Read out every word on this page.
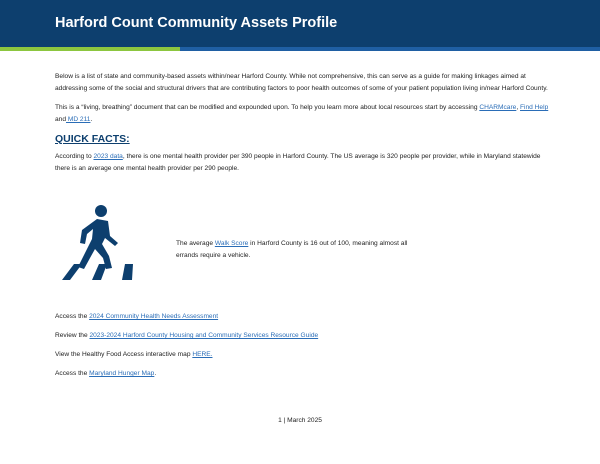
Harford Count Community Assets Profile

Below is a list of state and community-based assets within/near Harford County. While not comprehensive, this can serve as a guide for making linkages aimed at addressing some of the social and structural drivers that are contributing factors to poor health outcomes of some of your patient population living in/near Harford County.

This is a “living, breathing” document that can be modified and expounded upon. To help you learn more about local resources start by accessing CHARMcare, Find Help and MD 211.

QUICK FACTS:

According to 2023 data, there is one mental health provider per 390 people in Harford County. The US average is 320 people per provider, while in Maryland statewide there is an average one mental health provider per 290 people.

The average Walk Score in Harford County is 16 out of 100, meaning almost all errands require a vehicle.

Access the 2024 Community Health Needs Assessment

Review the 2023-2024 Harford County Housing and Community Services Resource Guide

View the Healthy Food Access interactive map HERE.

Access the Maryland Hunger Map.

1 | March 2025
